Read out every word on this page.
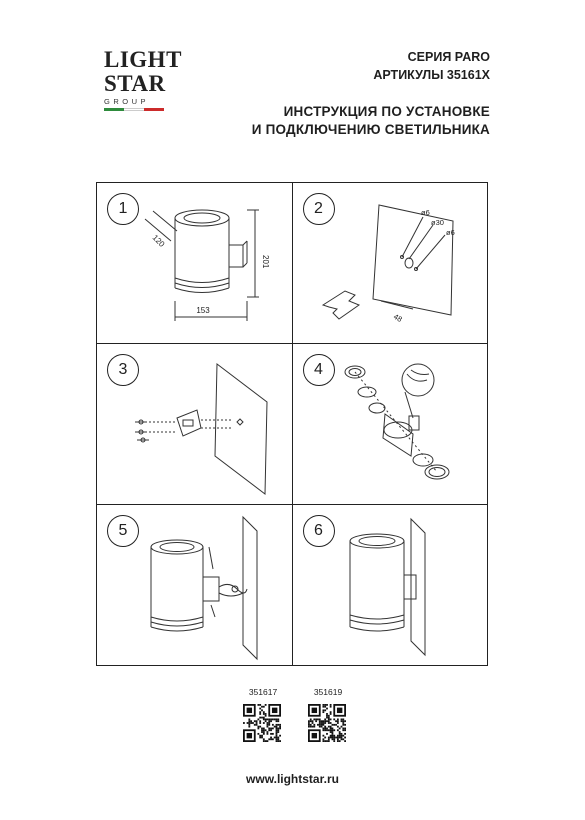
LIGHT
STAR
GROUP
СЕРИЯ PARO
АРТИКУЛЫ 35161X
ИНСТРУКЦИЯ ПО УСТАНОВКЕ
И ПОДКЛЮЧЕНИЮ СВЕТИЛЬНИКА
120
201
153
1	ø6
ø30
ø6
48
2
3	4
5	6
351617	351619
www.lightstar.ru
